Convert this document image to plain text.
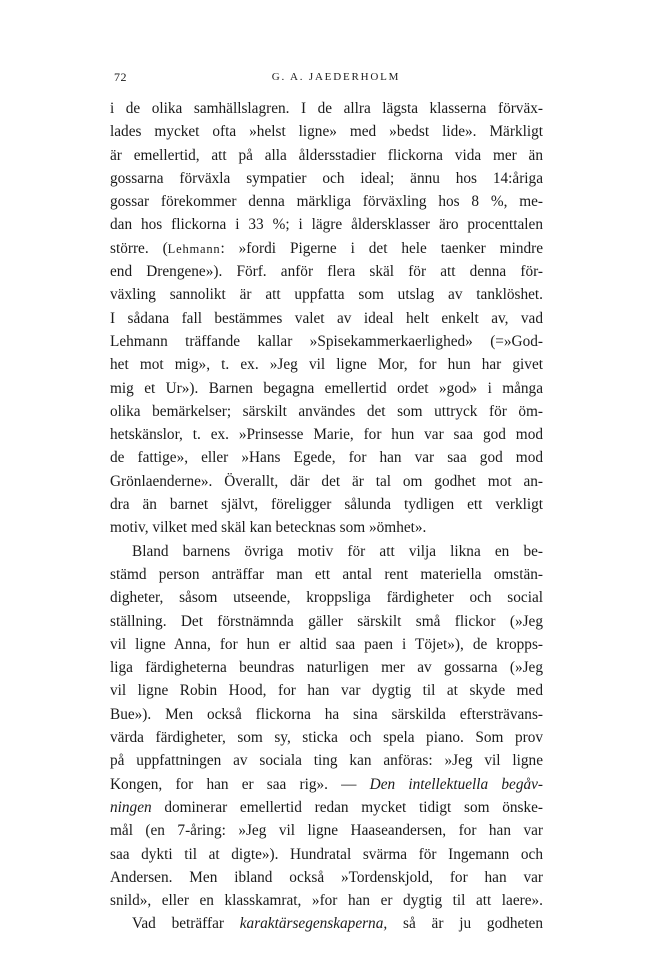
72	G. A. JAEDERHOLM
i de olika samhällslagren. I de allra lägsta klasserna förväx-
lades mycket ofta »helst ligne» med »bedst lide». Märkligt
är emellertid, att på alla åldersstadier flickorna vida mer än
gossarna förväxla sympatier och ideal; ännu hos 14:åriga
gossar förekommer denna märkliga förväxling hos 8 %, me-
dan hos flickorna i 33 %; i lägre åldersklasser äro procenttalen
större. (Lehmann: »fordi Pigerne i det hele taenker mindre
end Drengene»). Förf. anför flera skäl för att denna för-
växling sannolikt är att uppfatta som utslag av tanklöshet.
I sådana fall bestämmes valet av ideal helt enkelt av, vad
Lehmann träffande kallar »Spisekammerkaerlighed» (=»God-
het mot mig», t. ex. »Jeg vil ligne Mor, for hun har givet
mig et Ur»). Barnen begagna emellertid ordet »god» i många
olika bemärkelser; särskilt användes det som uttryck för öm-
hetskänslor, t. ex. »Prinsesse Marie, for hun var saa god mod
de fattige», eller »Hans Egede, for han var saa god mod
Grönlaenderne». Överallt, där det är tal om godhet mot an-
dra än barnet självt, föreligger sålunda tydligen ett verkligt
motiv, vilket med skäl kan betecknas som »ömhet».
Bland barnens övriga motiv för att vilja likna en be-
stämd person anträffar man ett antal rent materiella omstän-
digheter, såsom utseende, kroppsliga färdigheter och social
ställning. Det förstnämnda gäller särskilt små flickor (»Jeg
vil ligne Anna, for hun er altid saa paen i Töjet»), de kropps-
liga färdigheterna beundras naturligen mer av gossarna (»Jeg
vil ligne Robin Hood, for han var dygtig til at skyde med
Bue»). Men också flickorna ha sina särskilda eftersträvans-
värda färdigheter, som sy, sticka och spela piano. Som prov
på uppfattningen av sociala ting kan anföras: »Jeg vil ligne
Kongen, for han er saa rig». — Den intellektuella begåv-
ningen dominerar emellertid redan mycket tidigt som önske-
mål (en 7-åring: »Jeg vil ligne Haaseandersen, for han var
saa dykti til at digte»). Hundratal svärma för Ingemann och
Andersen. Men ibland också »Tordenskjold, for han var
snild», eller en klasskamrat, »for han er dygtig til att laere».
Vad beträffar karaktärsegenskaperna, så är ju godheten
